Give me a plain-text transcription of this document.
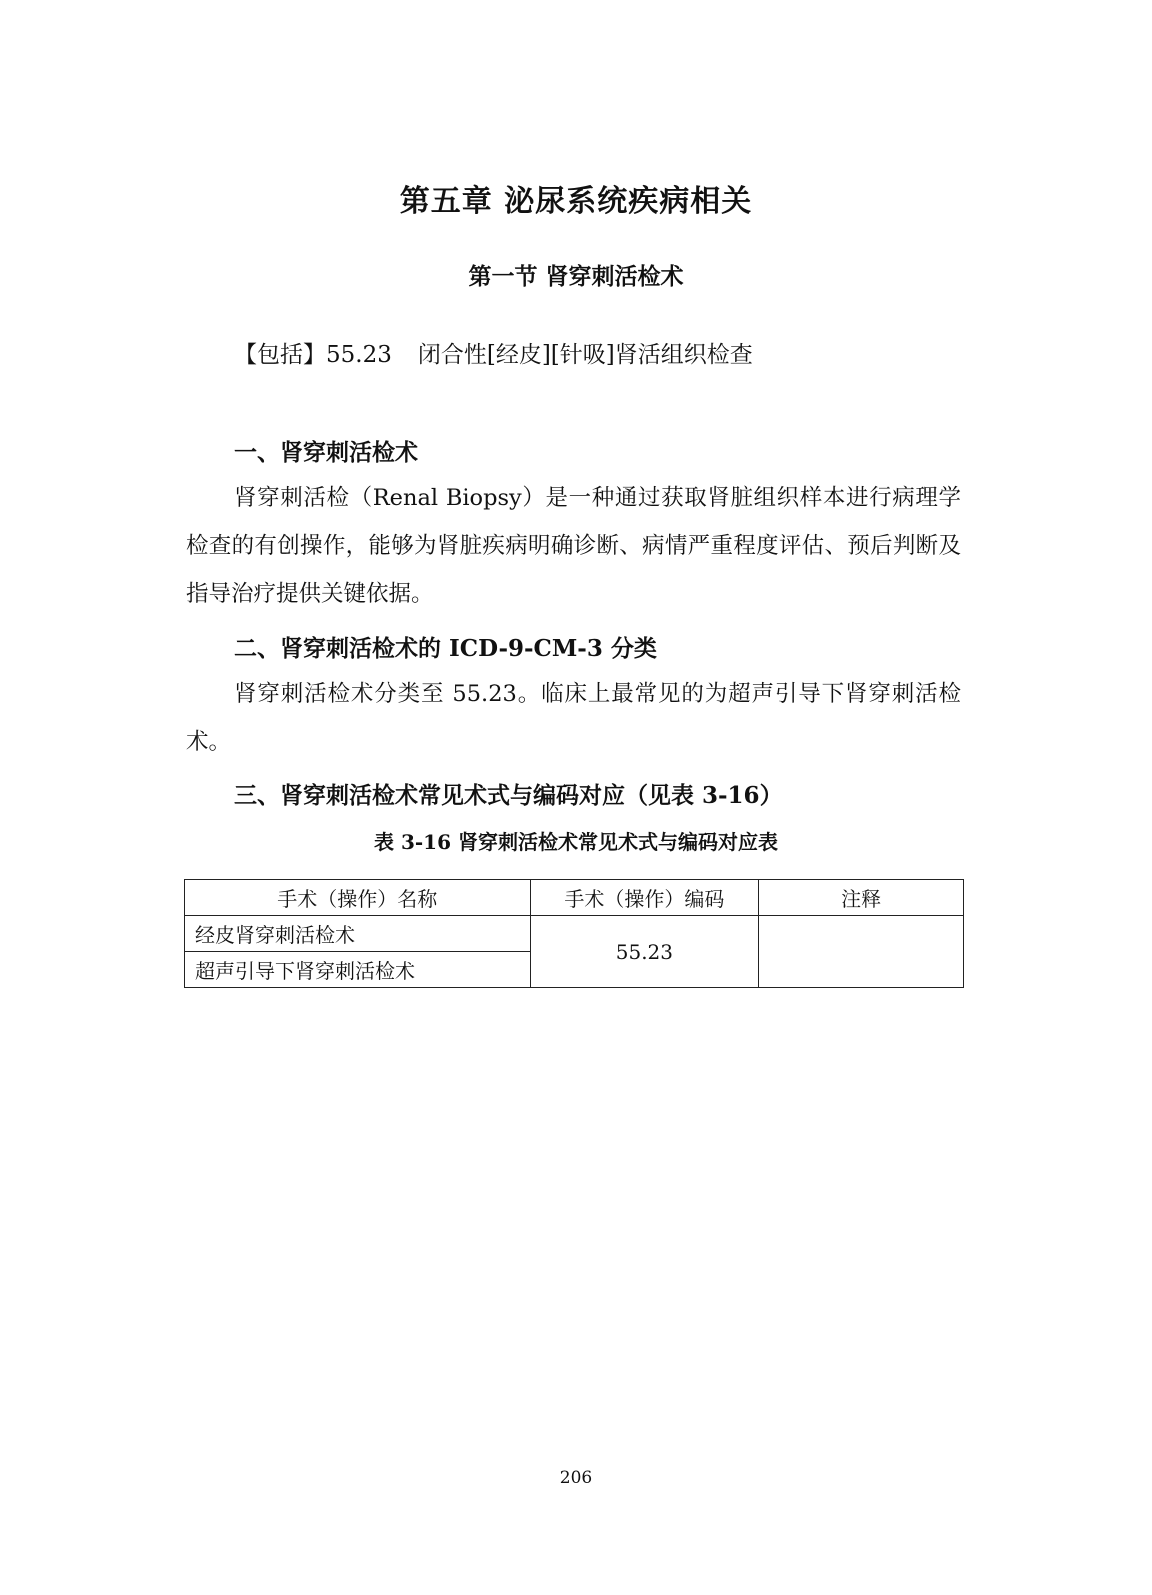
第五章 泌尿系统疾病相关
第一节 肾穿刺活检术
【包括】55.23 闭合性[经皮][针吸]肾活组织检查
一、肾穿刺活检术
肾穿刺活检（Renal Biopsy）是一种通过获取肾脏组织样本进行病理学检查的有创操作，能够为肾脏疾病明确诊断、病情严重程度评估、预后判断及指导治疗提供关键依据。
二、肾穿刺活检术的 ICD-9-CM-3 分类
肾穿刺活检术分类至 55.23。临床上最常见的为超声引导下肾穿刺活检术。
三、肾穿刺活检术常见术式与编码对应（见表 3-16）
表 3-16 肾穿刺活检术常见术式与编码对应表
手术（操作）名称	手术（操作）编码	注释
经皮肾穿刺活检术	55.23	
超声引导下肾穿刺活检术		
206
